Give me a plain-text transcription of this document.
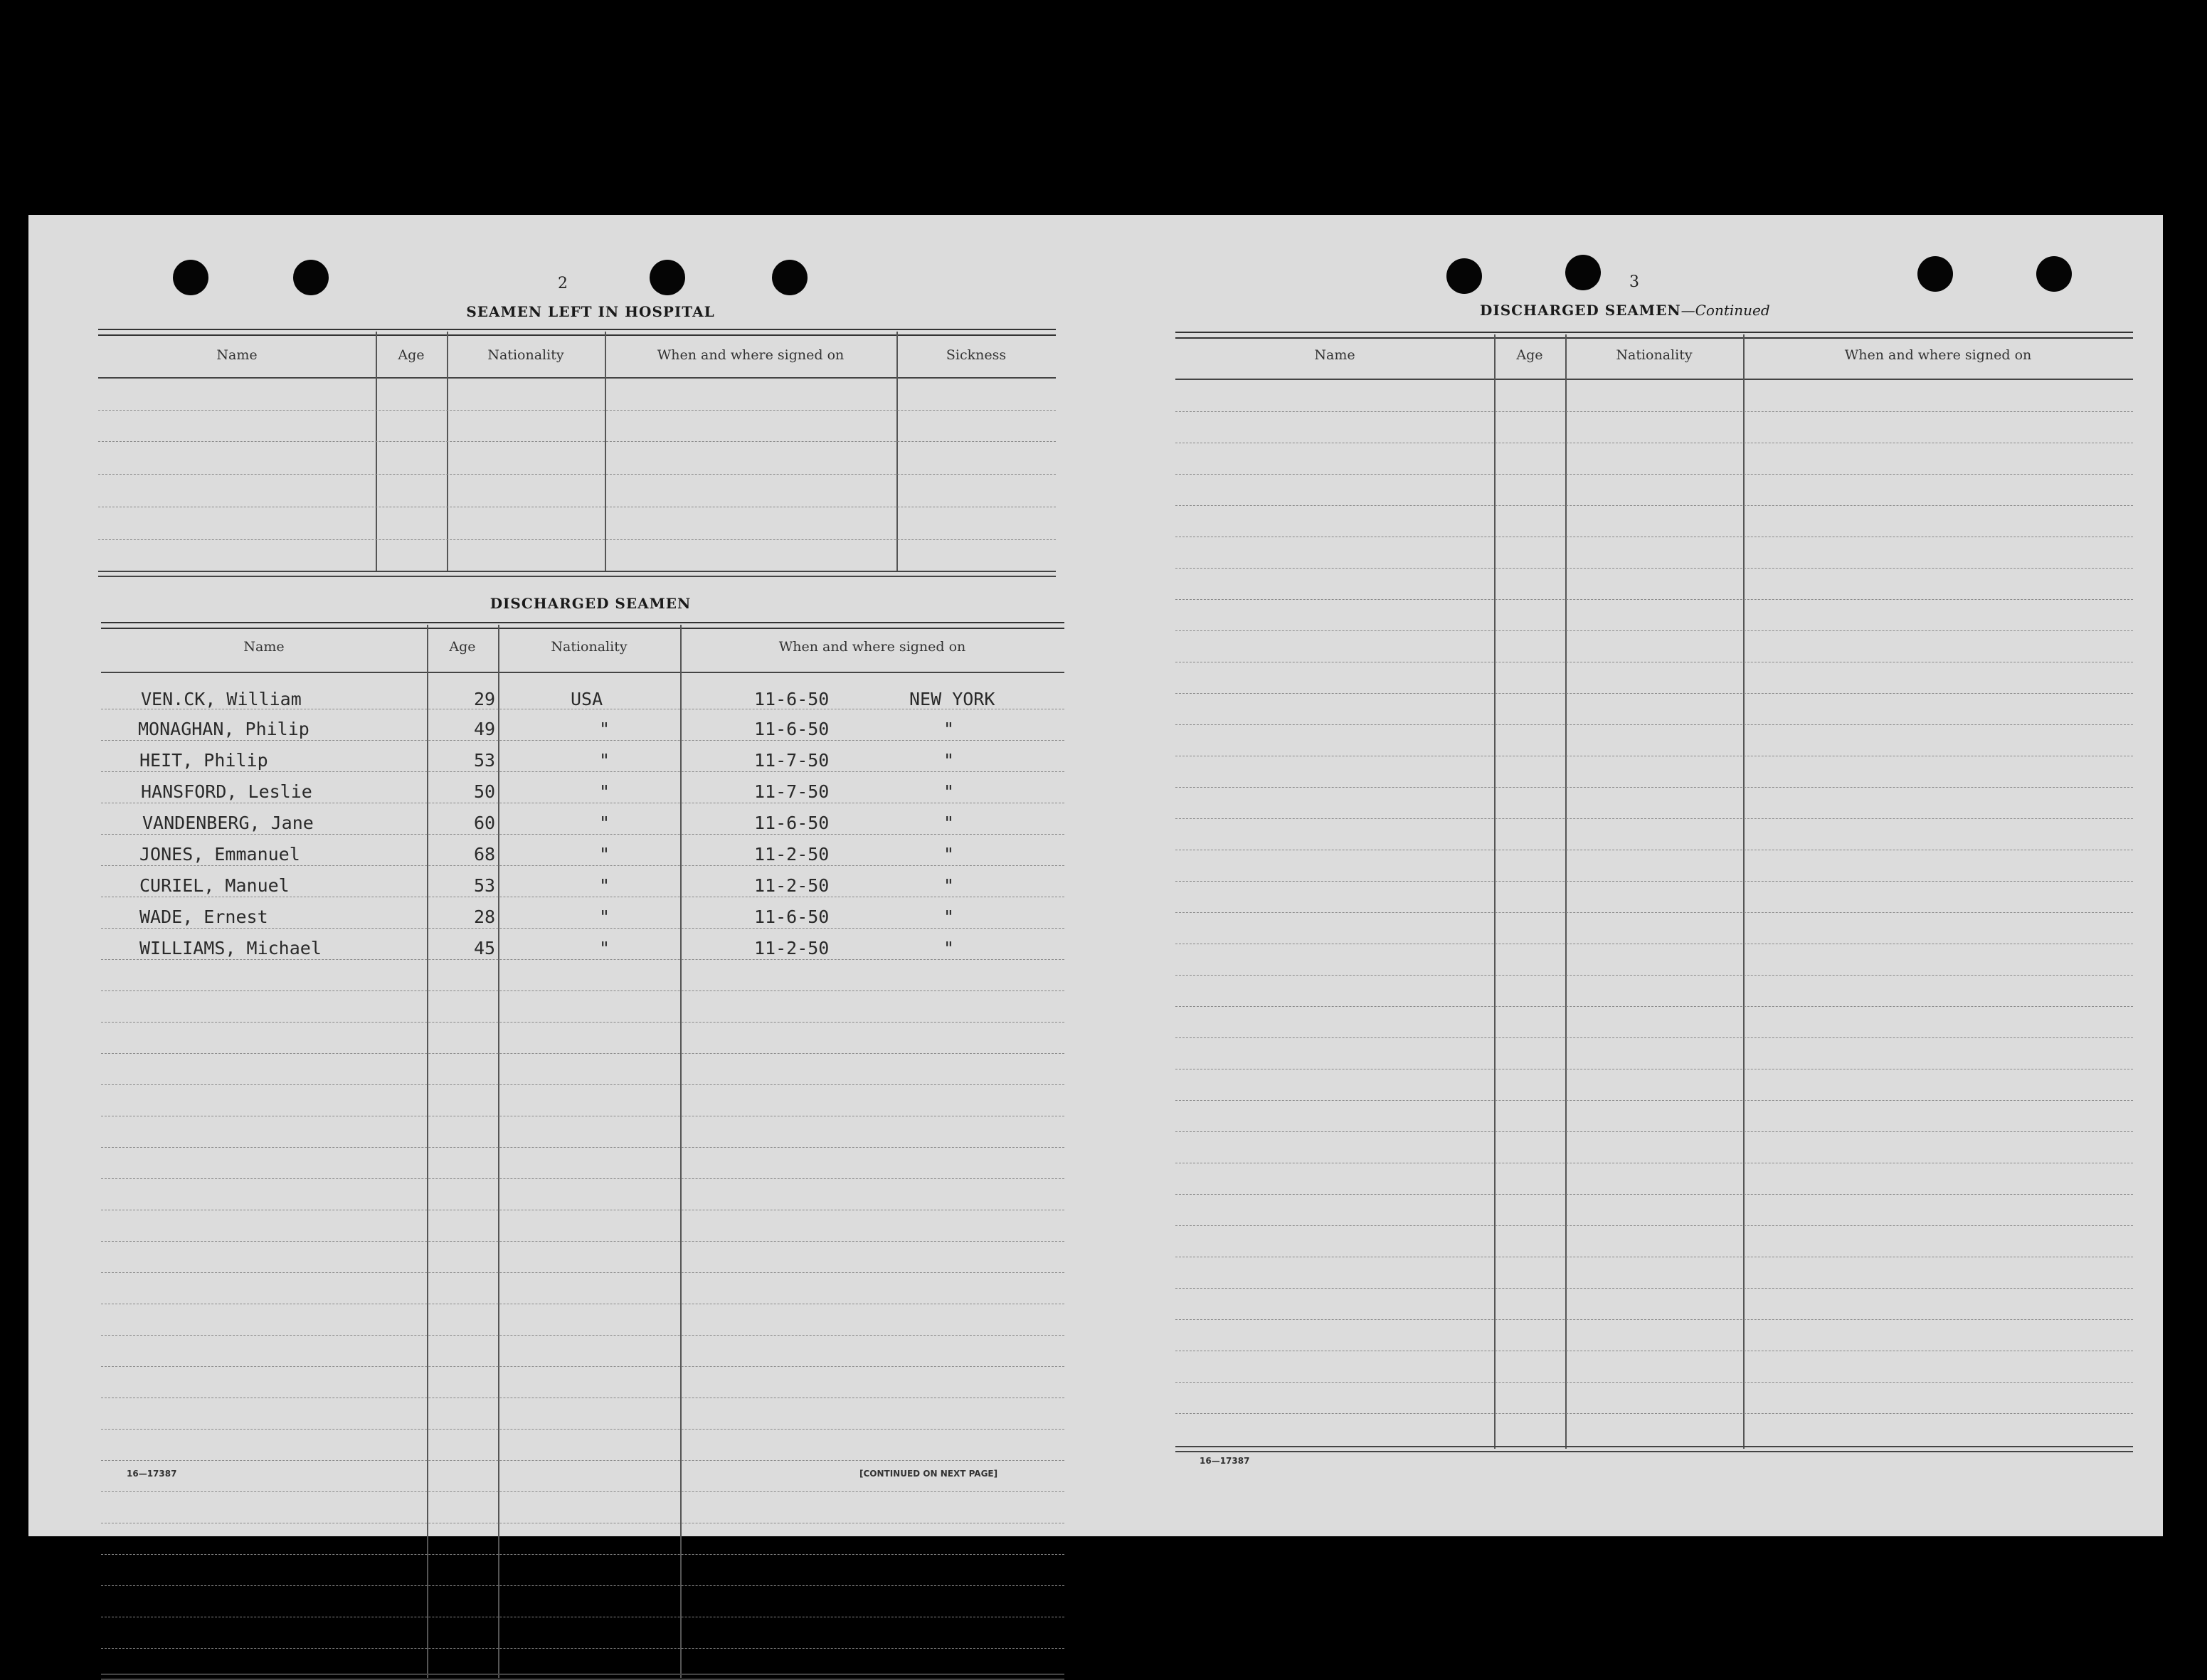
2
SEAMEN LEFT IN HOSPITAL
Name	Age	Nationality	When and where signed on	Sickness
DISCHARGED SEAMEN
Name	Age	Nationality	When and where signed on
VEN.CK, William	29	USA	11-6-50	NEW YORK
MONAGHAN, Philip	49	"	11-6-50	"
HEIT, Philip	53	"	11-7-50	"
HANSFORD, Leslie	50	"	11-7-50	"
VANDENBERG, Jane	60	"	11-6-50	"
JONES, Emmanuel	68	"	11-2-50	"
CURIEL, Manuel	53	"	11-2-50	"
WADE, Ernest	28	"	11-6-50	"
WILLIAMS, Michael	45	"	11-2-50	"
16—17387	[CONTINUED ON NEXT PAGE]
3
DISCHARGED SEAMEN—Continued
Name	Age	Nationality	When and where signed on
16—17387
